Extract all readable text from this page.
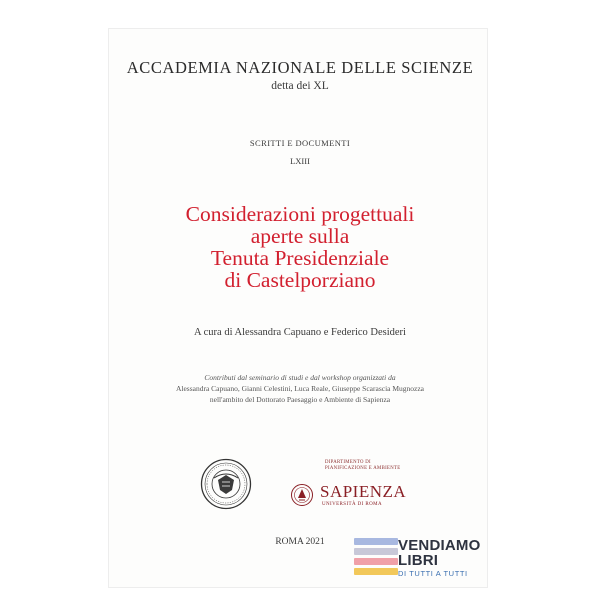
ACCADEMIA NAZIONALE DELLE SCIENZE
detta dei XL
SCRITTI E DOCUMENTI
LXIII
Considerazioni progettuali
aperte sulla
Tenuta Presidenziale
di Castelporziano
A cura di Alessandra Capuano e Federico Desideri
Contributi dal seminario di studi e dal workshop organizzati da
Alessandra Capuano, Gianni Celestini, Luca Reale, Giuseppe Scarascia Mugnozza
nell'ambito del Dottorato Paesaggio e Ambiente di Sapienza
DIPARTIMENTO DI
PIANIFICAZIONE E AMBIENTE
SAPIENZA
UNIVERSITÀ DI ROMA
ROMA 2021	VENDIAMO
LIBRI
DI TUTTI A TUTTI
